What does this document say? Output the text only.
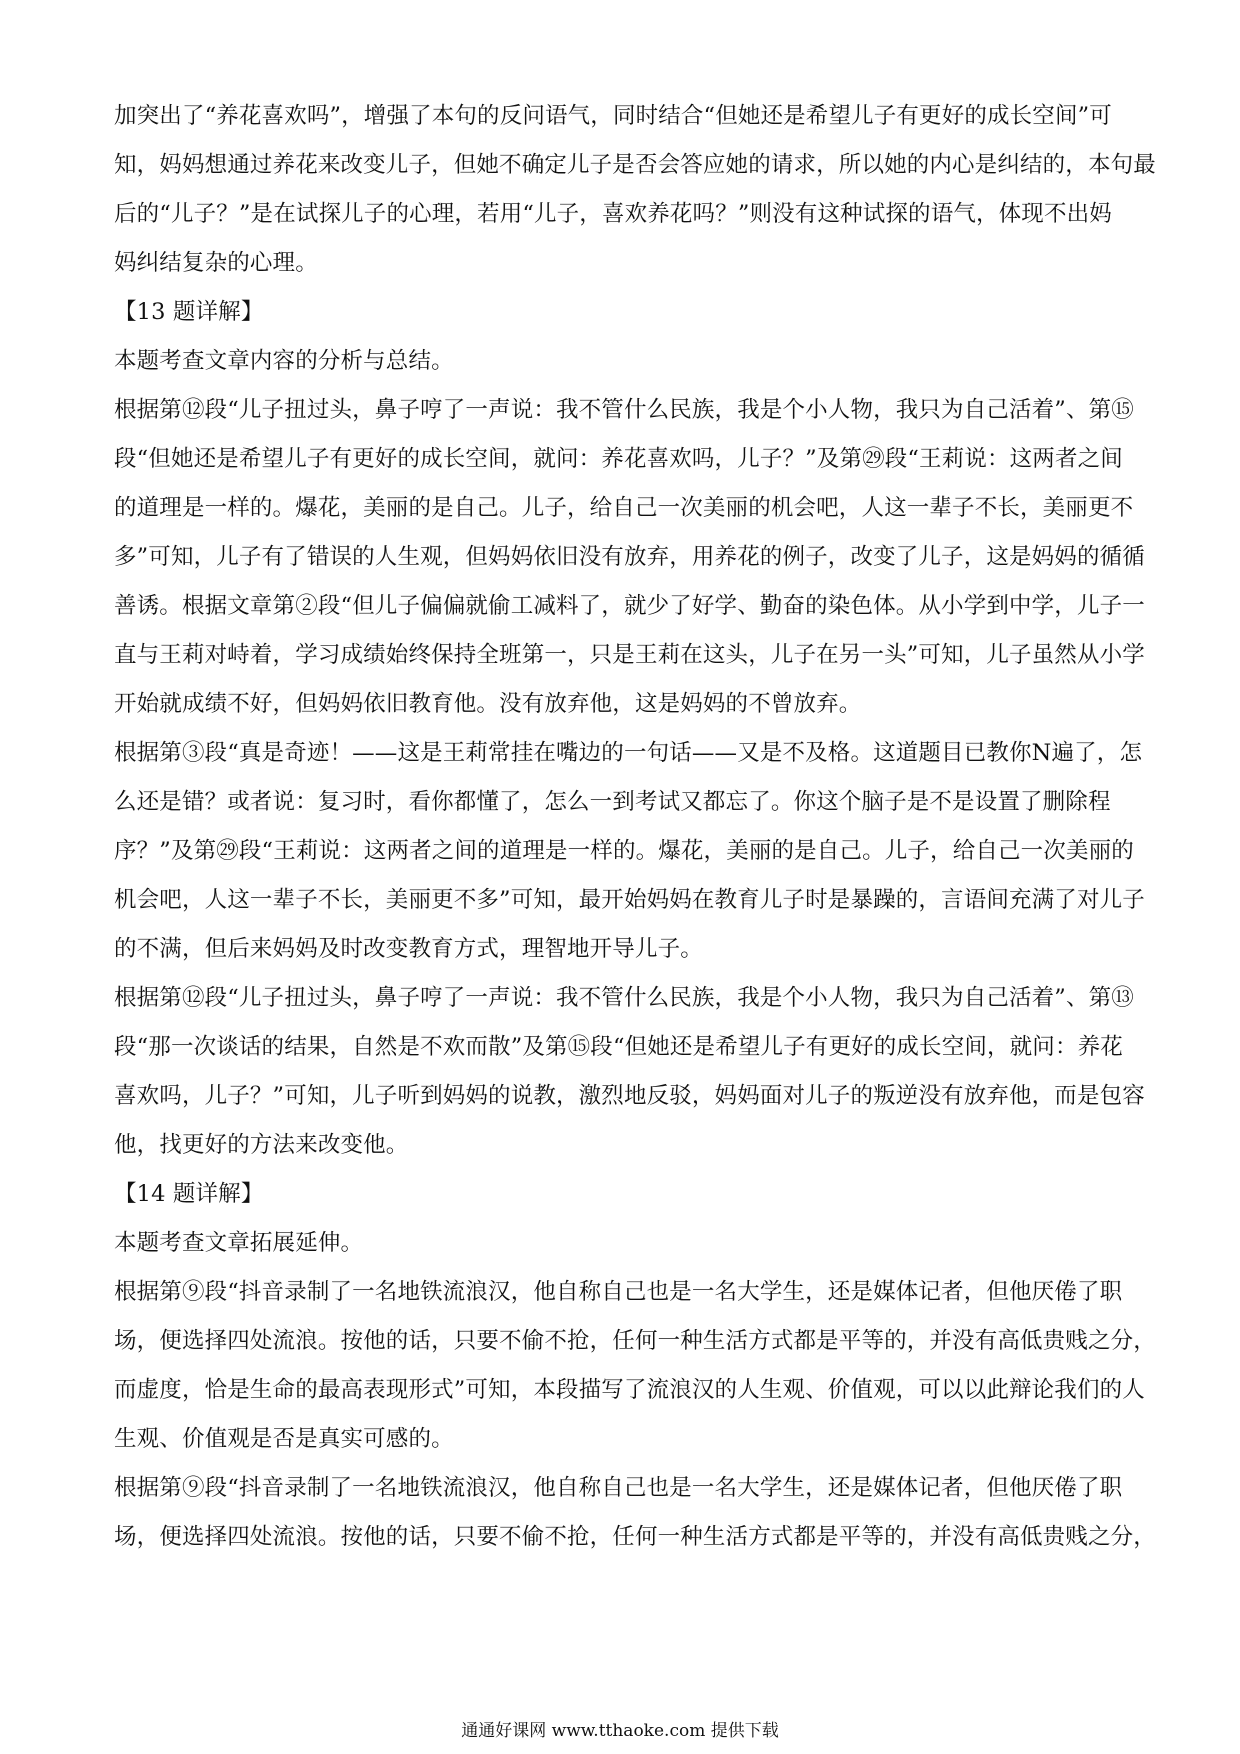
加突出了“养花喜欢吗”，增强了本句的反问语气，同时结合“但她还是希望儿子有更好的成长空间”可
知，妈妈想通过养花来改变儿子，但她不确定儿子是否会答应她的请求，所以她的内心是纠结的，本句最
后的“儿子？”是在试探儿子的心理，若用“儿子，喜欢养花吗？”则没有这种试探的语气，体现不出妈
妈纠结复杂的心理。
【13 题详解】
本题考查文章内容的分析与总结。
根据第⑫段“儿子扭过头，鼻子哼了一声说：我不管什么民族，我是个小人物，我只为自己活着”、第⑮
段“但她还是希望儿子有更好的成长空间，就问：养花喜欢吗，儿子？”及第㉙段“王莉说：这两者之间
的道理是一样的。爆花，美丽的是自己。儿子，给自己一次美丽的机会吧，人这一辈子不长，美丽更不
多”可知，儿子有了错误的人生观，但妈妈依旧没有放弃，用养花的例子，改变了儿子，这是妈妈的循循
善诱。根据文章第②段“但儿子偏偏就偷工减料了，就少了好学、勤奋的染色体。从小学到中学，儿子一
直与王莉对峙着，学习成绩始终保持全班第一，只是王莉在这头，儿子在另一头”可知，儿子虽然从小学
开始就成绩不好，但妈妈依旧教育他。没有放弃他，这是妈妈的不曾放弃。
根据第③段“真是奇迹！——这是王莉常挂在嘴边的一句话——又是不及格。这道题目已教你N遍了，怎
么还是错？或者说：复习时，看你都懂了，怎么一到考试又都忘了。你这个脑子是不是设置了删除程
序？”及第㉙段“王莉说：这两者之间的道理是一样的。爆花，美丽的是自己。儿子，给自己一次美丽的
机会吧，人这一辈子不长，美丽更不多”可知，最开始妈妈在教育儿子时是暴躁的，言语间充满了对儿子
的不满，但后来妈妈及时改变教育方式，理智地开导儿子。
根据第⑫段“儿子扭过头，鼻子哼了一声说：我不管什么民族，我是个小人物，我只为自己活着”、第⑬
段“那一次谈话的结果，自然是不欢而散”及第⑮段“但她还是希望儿子有更好的成长空间，就问：养花
喜欢吗，儿子？”可知，儿子听到妈妈的说教，激烈地反驳，妈妈面对儿子的叛逆没有放弃他，而是包容
他，找更好的方法来改变他。
【14 题详解】
本题考查文章拓展延伸。
根据第⑨段“抖音录制了一名地铁流浪汉，他自称自己也是一名大学生，还是媒体记者，但他厌倦了职
场，便选择四处流浪。按他的话，只要不偷不抢，任何一种生活方式都是平等的，并没有高低贵贱之分，
而虚度，恰是生命的最高表现形式”可知，本段描写了流浪汉的人生观、价值观，可以以此辩论我们的人
生观、价值观是否是真实可感的。
根据第⑨段“抖音录制了一名地铁流浪汉，他自称自己也是一名大学生，还是媒体记者，但他厌倦了职
场，便选择四处流浪。按他的话，只要不偷不抢，任何一种生活方式都是平等的，并没有高低贵贱之分，
通通好课网 www.tthaoke.com 提供下载
